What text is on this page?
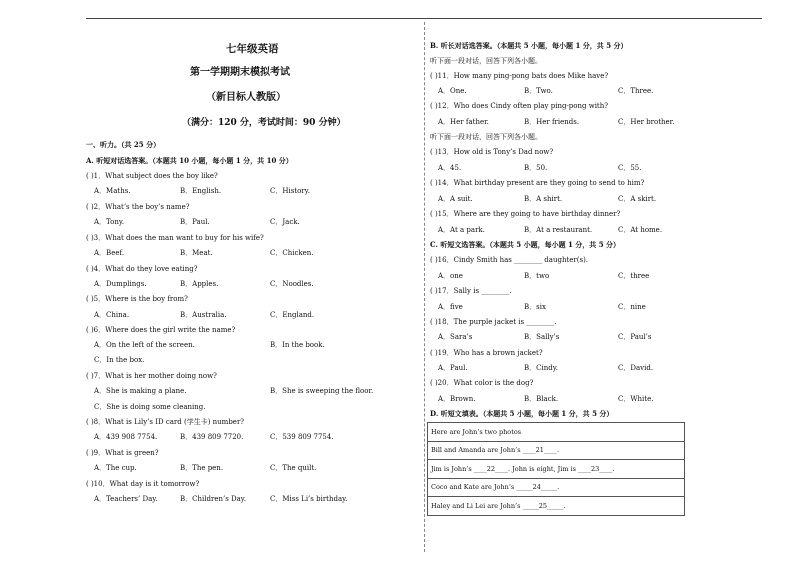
七年级英语
第一学期期末模拟考试
（新目标人教版）
（满分：120 分，考试时间：90 分钟）
一、听力。（共 25 分）
A. 听短对话选答案。（本题共 10 小题，每小题 1 分，共 10 分）
( )1．What subject does the boy like?
A．Maths.	B．English.	C．History.
( )2．What’s the boy’s name?
A．Tony.	B．Paul.	C．Jack.
( )3．What does the man want to buy for his wife?
A．Beef.	B．Meat.	C．Chicken.
( )4．What do they love eating?
A．Dumplings.	B．Apples.	C．Noodles.
( )5．Where is the boy from?
A．China.	B．Australia.	C．England.
( )6．Where does the girl write the name?
A．On the left of the screen.	B．In the book.
C．In the box.
( )7．What is her mother doing now?
A．She is making a plane.	B．She is sweeping the floor.
C．She is doing some cleaning.
( )8．What is Lily’s ID card (学生卡) number?
A．439 908 7754.	B．439 809 7720.	C．539 809 7754.
( )9．What is green?
A．The cup.	B．The pen.	C．The quilt.
( )10．What day is it tomorrow?
A．Teachers’ Day.	B．Children’s Day.	C．Miss Li’s birthday.
B. 听长对话选答案。（本题共 5 小题，每小题 1 分，共 5 分）
听下面一段对话，回答下列各小题。
( )11．How many ping-pong bats does Mike have?
A．One.	B．Two.	C．Three.
( )12．Who does Cindy often play ping-pong with?
A．Her father.	B．Her friends.	C．Her brother.
听下面一段对话，回答下列各小题。
( )13．How old is Tony’s Dad now?
A．45.	B．50.	C．55.
( )14．What birthday present are they going to send to him?
A．A suit.	B．A shirt.	C．A skirt.
( )15．Where are they going to have birthday dinner?
A．At a park.	B．At a restaurant.	C．At home.
C. 听短文选答案。（本题共 5 小题，每小题 1 分，共 5 分）
( )16．Cindy Smith has ________ daughter(s).
A．one	B．two	C．three
( )17．Sally is ________.
A．five	B．six	C．nine
( )18．The purple jacket is ________.
A．Sara’s	B．Sally’s	C．Paul’s
( )19．Who has a brown jacket?
A．Paul.	B．Cindy.	C．David.
( )20．What color is the dog?
A．Brown.	B．Black.	C．White.
D. 听短文填表。（本题共 5 小题，每小题 1 分，共 5 分）
Here are John’s two photos
Bill and Amanda are John’s ____21____.
Jim is John’s ____22____. John is eight, Jim is ____23____.
Coco and Kate are John’s _____24_____.
Haley and Li Lei are John’s _____25_____.
